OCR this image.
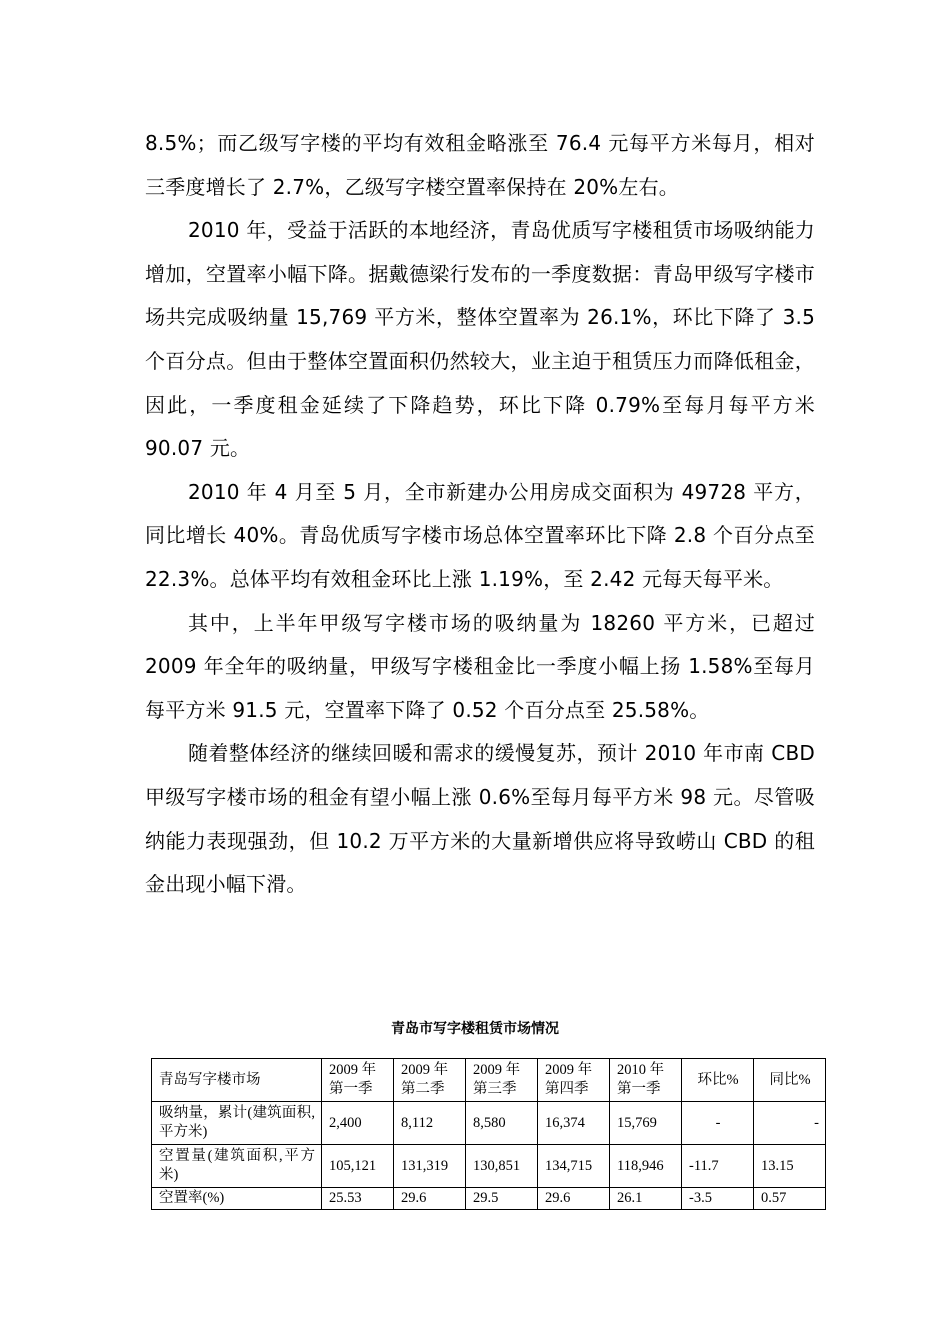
8.5%；而乙级写字楼的平均有效租金略涨至 76.4 元每平方米每月，相对三季度增长了 2.7%，乙级写字楼空置率保持在 20%左右。

2010 年，受益于活跃的本地经济，青岛优质写字楼租赁市场吸纳能力增加，空置率小幅下降。据戴德梁行发布的一季度数据：青岛甲级写字楼市场共完成吸纳量 15,769 平方米，整体空置率为 26.1%，环比下降了 3.5 个百分点。但由于整体空置面积仍然较大，业主迫于租赁压力而降低租金，因此，一季度租金延续了下降趋势，环比下降 0.79%至每月每平方米 90.07 元。

2010 年 4 月至 5 月，全市新建办公用房成交面积为 49728 平方，同比增长 40%。青岛优质写字楼市场总体空置率环比下降 2.8 个百分点至 22.3%。总体平均有效租金环比上涨 1.19%，至 2.42 元每天每平米。

其中，上半年甲级写字楼市场的吸纳量为 18260 平方米，已超过 2009 年全年的吸纳量，甲级写字楼租金比一季度小幅上扬 1.58%至每月每平方米 91.5 元，空置率下降了 0.52 个百分点至 25.58%。

随着整体经济的继续回暖和需求的缓慢复苏，预计 2010 年市南 CBD 甲级写字楼市场的租金有望小幅上涨 0.6%至每月每平方米 98 元。尽管吸纳能力表现强劲，但 10.2 万平方米的大量新增供应将导致崂山 CBD 的租金出现小幅下滑。

青岛市写字楼租赁市场情况
青岛写字楼市场	2009 年第一季	2009 年第二季	2009 年第三季	2009 年第四季	2010 年第一季	环比%	同比%
吸纳量，累计(建筑面积,平方米)	2,400	8,112	8,580	16,374	15,769	-	-
空置量(建筑面积,平方米)	105,121	131,319	130,851	134,715	118,946	-11.7	13.15
空置率(%)	25.53	29.6	29.5	29.6	26.1	-3.5	0.57
